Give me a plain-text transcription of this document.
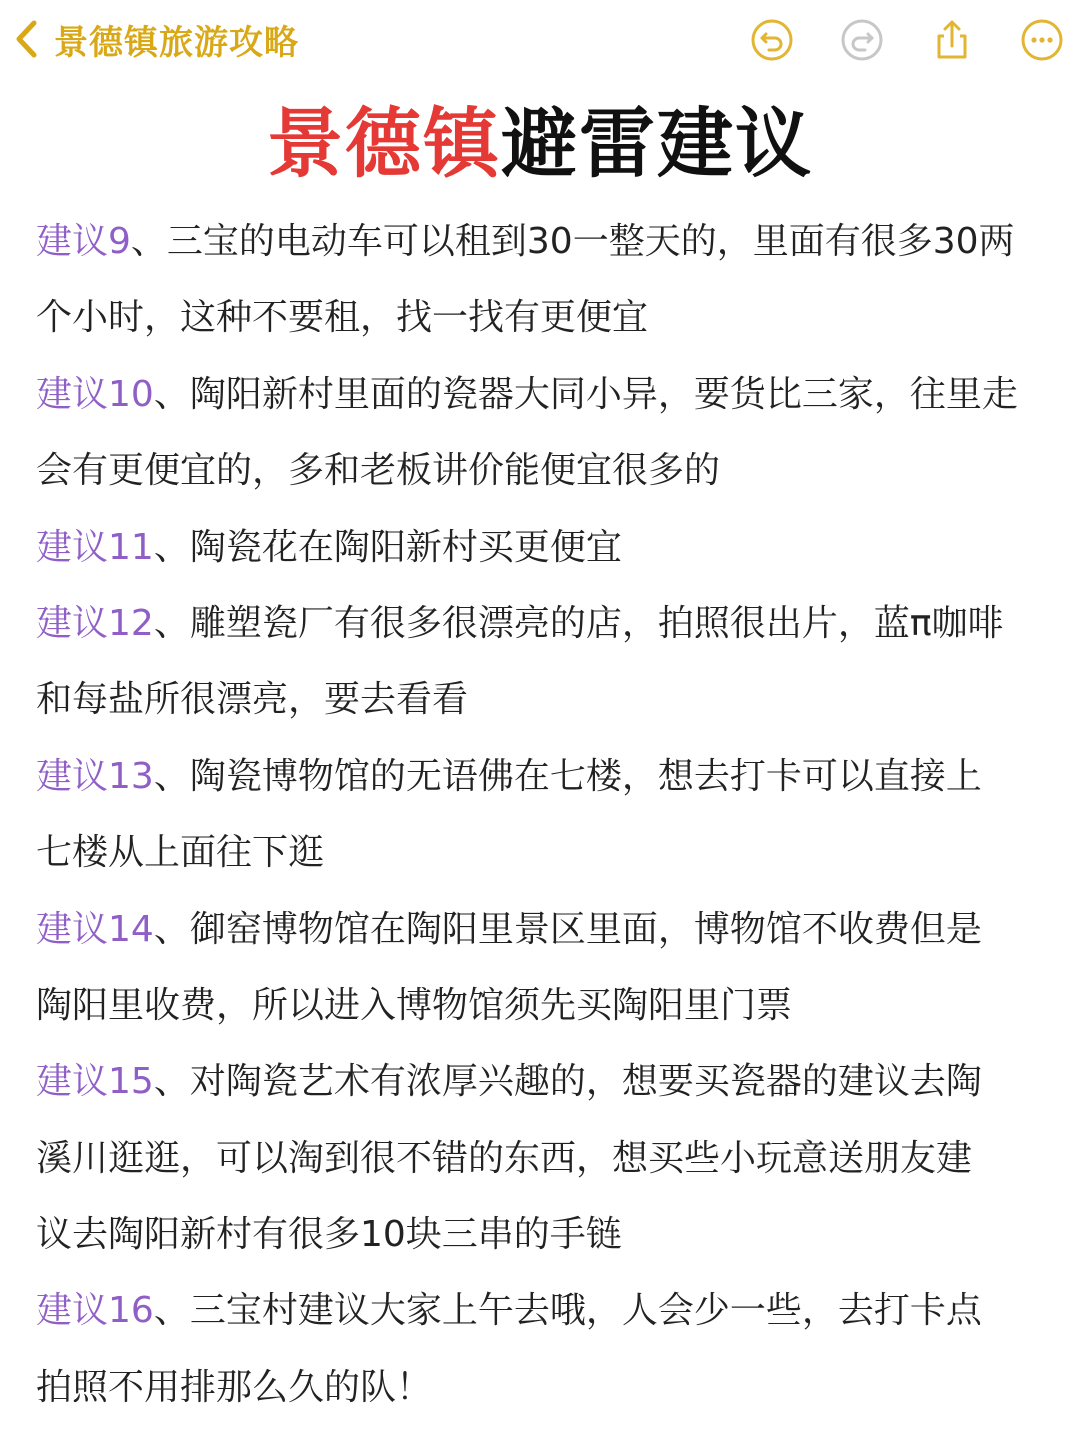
景德镇旅游攻略
景德镇避雷建议
建议9、三宝的电动车可以租到30一整天的，里面有很多30两
个小时，这种不要租，找一找有更便宜
建议10、陶阳新村里面的瓷器大同小异，要货比三家，往里走
会有更便宜的，多和老板讲价能便宜很多的
建议11、陶瓷花在陶阳新村买更便宜
建议12、雕塑瓷厂有很多很漂亮的店，拍照很出片，蓝π咖啡
和每盐所很漂亮，要去看看
建议13、陶瓷博物馆的无语佛在七楼，想去打卡可以直接上
七楼从上面往下逛
建议14、御窑博物馆在陶阳里景区里面，博物馆不收费但是
陶阳里收费，所以进入博物馆须先买陶阳里门票
建议15、对陶瓷艺术有浓厚兴趣的，想要买瓷器的建议去陶
溪川逛逛，可以淘到很不错的东西，想买些小玩意送朋友建
议去陶阳新村有很多10块三串的手链
建议16、三宝村建议大家上午去哦，人会少一些，去打卡点
拍照不用排那么久的队！
